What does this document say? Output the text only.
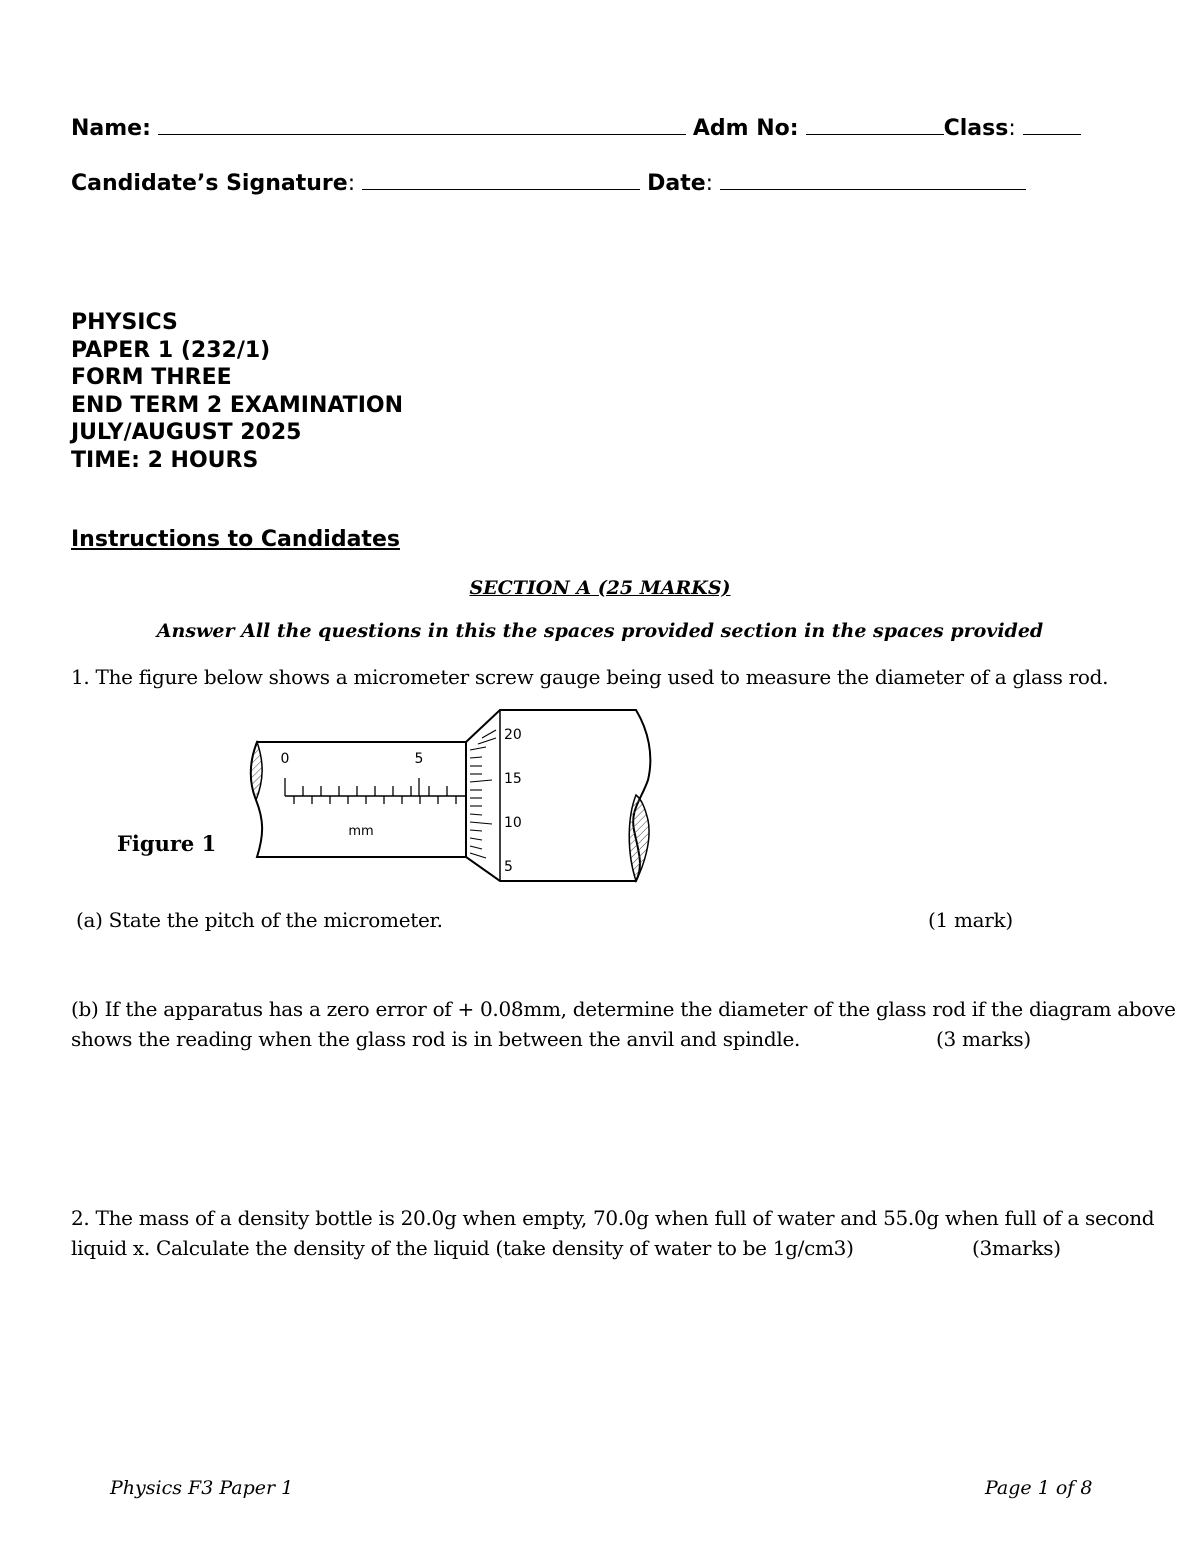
Name:	Adm No:	Class:
Candidate’s Signature:	Date:
PHYSICS
PAPER 1 (232/1)
FORM THREE
END TERM 2 EXAMINATION
JULY/AUGUST 2025
TIME: 2 HOURS
Instructions to Candidates
SECTION A (25 MARKS)
Answer All the questions in this the spaces provided section in the spaces provided
1. The figure below shows a micrometer screw gauge being used to measure the diameter of a glass rod.
Figure 1
0	5
mm
20
15
10
5
(a) State the pitch of the micrometer.	(1 mark)
(b) If the apparatus has a zero error of + 0.08mm, determine the diameter of the glass rod if the diagram above
shows the reading when the glass rod is in between the anvil and spindle.	(3 marks)
2. The mass of a density bottle is 20.0g when empty, 70.0g when full of water and 55.0g when full of a second
liquid x. Calculate the density of the liquid (take density of water to be 1g/cm3)	(3marks)
Physics F3 Paper 1	Page 1 of 8
